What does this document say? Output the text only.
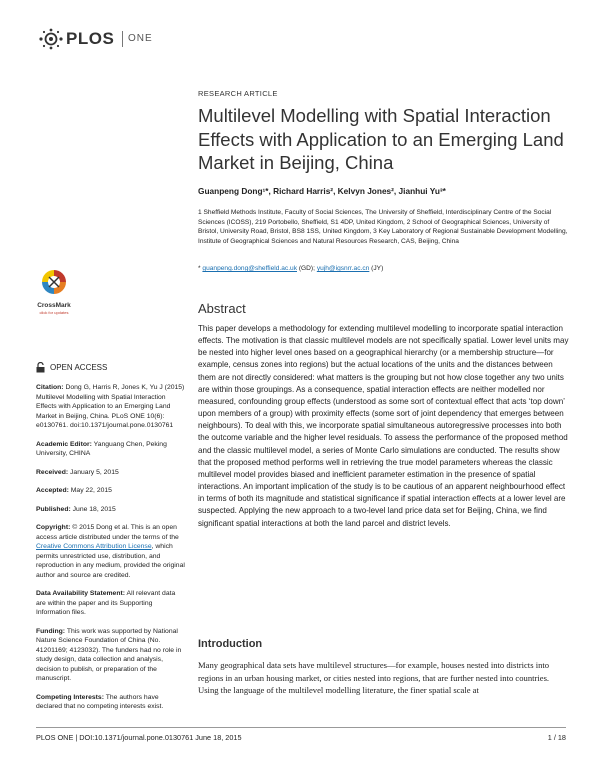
PLOS ONE
CrossMark
click for updates
OPEN ACCESS
Citation: Dong G, Harris R, Jones K, Yu J (2015) Multilevel Modelling with Spatial Interaction Effects with Application to an Emerging Land Market in Beijing, China. PLoS ONE 10(6): e0130761. doi:10.1371/journal.pone.0130761
Academic Editor: Yanguang Chen, Peking University, CHINA
Received: January 5, 2015
Accepted: May 22, 2015
Published: June 18, 2015
Copyright: © 2015 Dong et al. This is an open access article distributed under the terms of the Creative Commons Attribution License, which permits unrestricted use, distribution, and reproduction in any medium, provided the original author and source are credited.
Data Availability Statement: All relevant data are within the paper and its Supporting Information files.
Funding: This work was supported by National Nature Science Foundation of China (No. 41201169; 4123032). The funders had no role in study design, data collection and analysis, decision to publish, or preparation of the manuscript.
Competing Interests: The authors have declared that no competing interests exist.
RESEARCH ARTICLE
Multilevel Modelling with Spatial Interaction Effects with Application to an Emerging Land Market in Beijing, China
Guanpeng Dong¹*, Richard Harris², Kelvyn Jones², Jianhui Yu³*
1 Sheffield Methods Institute, Faculty of Social Sciences, The University of Sheffield, Interdisciplinary Centre of the Social Sciences (ICOSS), 219 Portobello, Sheffield, S1 4DP, United Kingdom, 2 School of Geographical Sciences, University of Bristol, University Road, Bristol, BS8 1SS, United Kingdom, 3 Key Laboratory of Regional Sustainable Development Modelling, Institute of Geographical Sciences and Natural Resources Research, CAS, Beijing, China
* guanpeng.dong@sheffield.ac.uk (GD); yujh@igsnrr.ac.cn (JY)
Abstract
This paper develops a methodology for extending multilevel modelling to incorporate spatial interaction effects. The motivation is that classic multilevel models are not specifically spatial. Lower level units may be nested into higher level ones based on a geographical hierarchy (or a membership structure—for example, census zones into regions) but the actual locations of the units and the distances between them are not directly considered: what matters is the grouping but not how close together any two units are within those groupings. As a consequence, spatial interaction effects are neither modelled nor measured, confounding group effects (understood as some sort of contextual effect that acts ‘top down’ upon members of a group) with proximity effects (some sort of joint dependency that emerges between neighbours). To deal with this, we incorporate spatial simultaneous autoregressive processes into both the outcome variable and the higher level residuals. To assess the performance of the proposed method and the classic multilevel model, a series of Monte Carlo simulations are conducted. The results show that the proposed method performs well in retrieving the true model parameters whereas the classic multilevel model provides biased and inefficient parameter estimation in the presence of spatial interactions. An important implication of the study is to be cautious of an apparent neighbourhood effect in terms of both its magnitude and statistical significance if spatial interaction effects at a lower level are suspected. Applying the new approach to a two-level land price data set for Beijing, China, we find significant spatial interactions at both the land parcel and district levels.
Introduction
Many geographical data sets have multilevel structures—for example, houses nested into districts into regions in an urban housing market, or cities nested into regions, that are further nested into countries. Using the language of the multilevel modelling literature, the finer spatial scale at
PLOS ONE | DOI:10.1371/journal.pone.0130761 June 18, 2015	1 / 18
